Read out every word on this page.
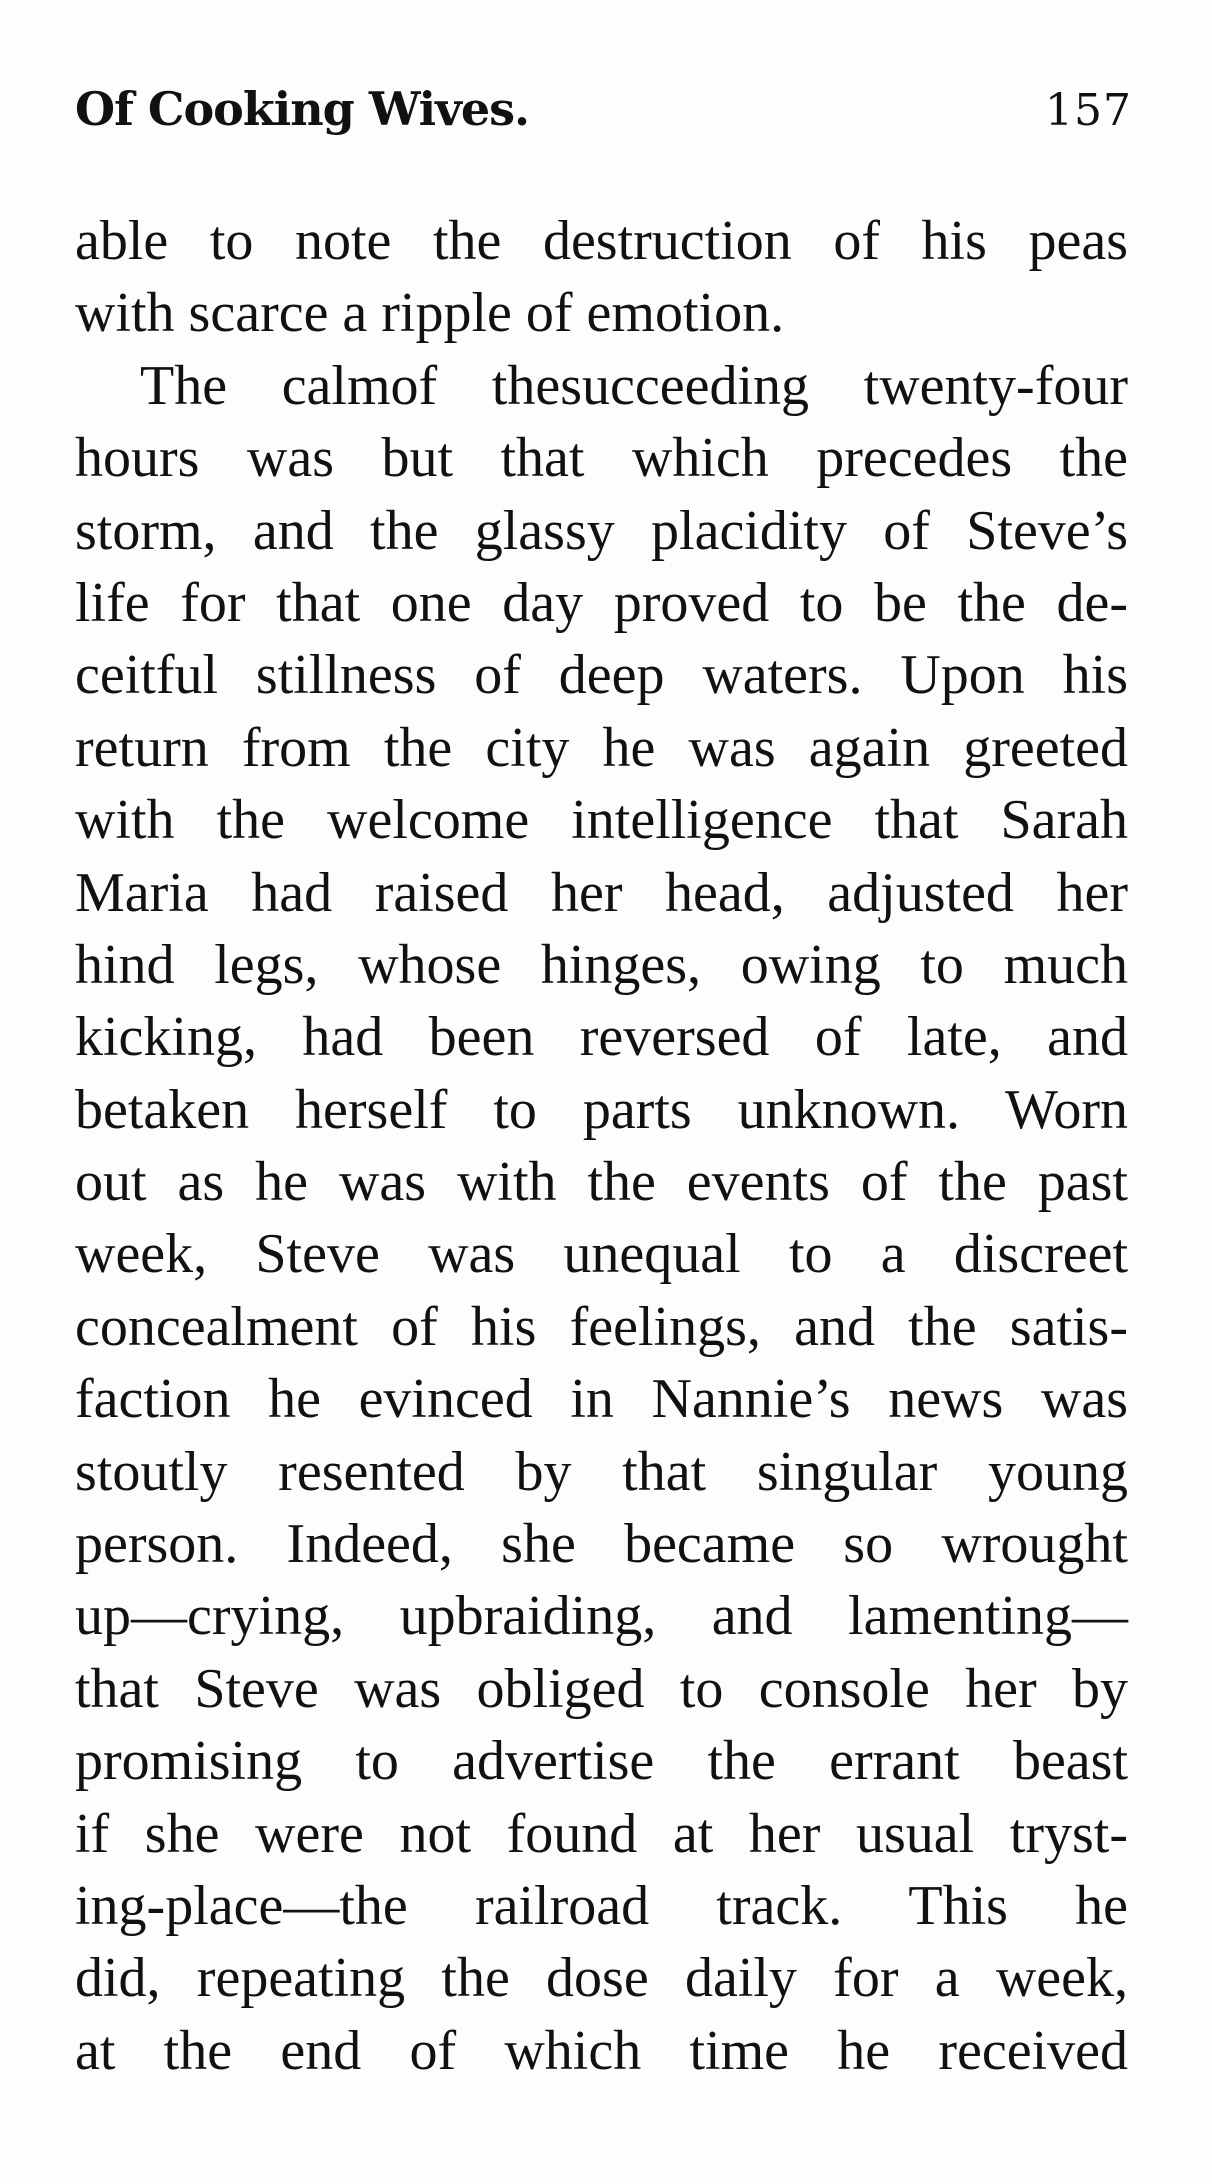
Of Cooking Wives.	157
able to note the destruction of his peas
with scarce a ripple of emotion.
The calmof thesucceeding twenty-four
hours was but that which precedes the
storm, and the glassy placidity of Steve’s
life for that one day proved to be the de-
ceitful stillness of deep waters. Upon his
return from the city he was again greeted
with the welcome intelligence that Sarah
Maria had raised her head, adjusted her
hind legs, whose hinges, owing to much
kicking, had been reversed of late, and
betaken herself to parts unknown. Worn
out as he was with the events of the past
week, Steve was unequal to a discreet
concealment of his feelings, and the satis-
faction he evinced in Nannie’s news was
stoutly resented by that singular young
person. Indeed, she became so wrought
up—crying, upbraiding, and lamenting—
that Steve was obliged to console her by
promising to advertise the errant beast
if she were not found at her usual tryst-
ing-place—the railroad track. This he
did, repeating the dose daily for a week,
at the end of which time he received
